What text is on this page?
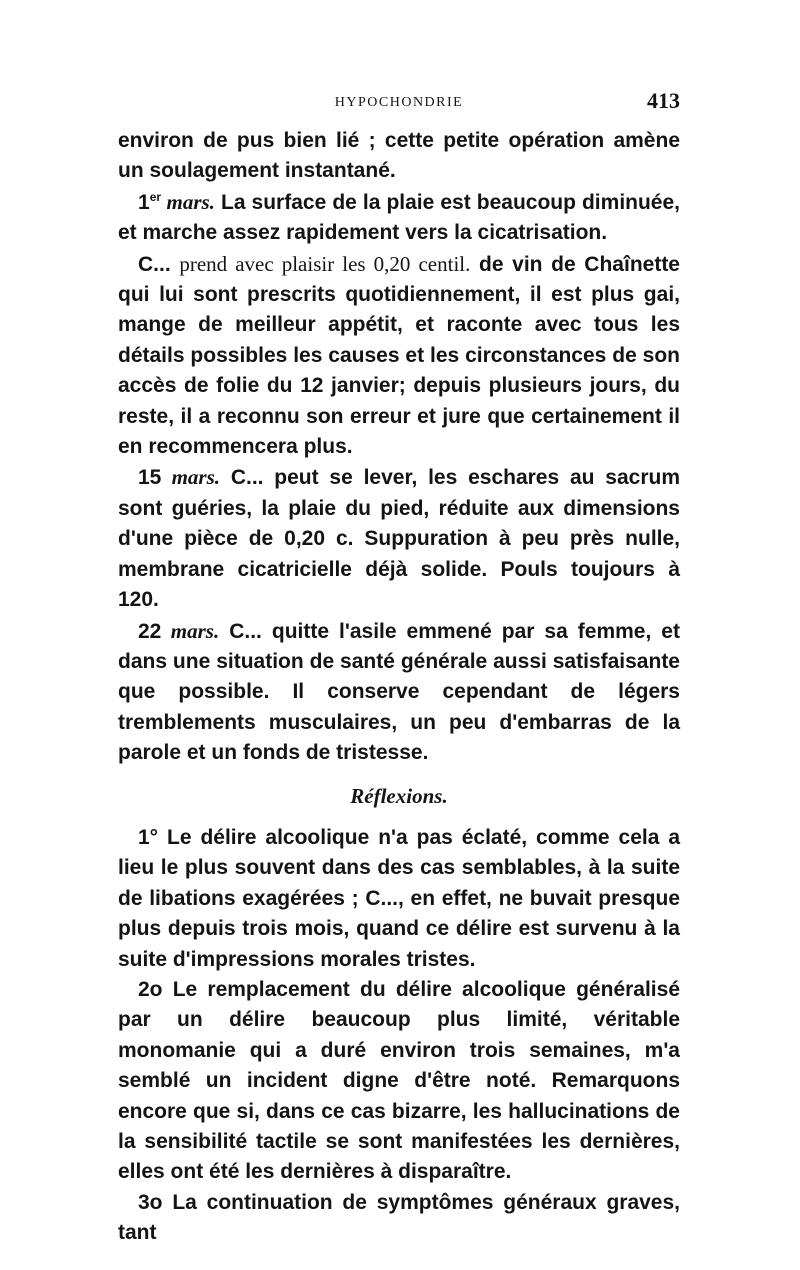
HYPOCHONDRIE	413

environ de pus bien lié ; cette petite opération amène un soulagement instantané.

1er mars. La surface de la plaie est beaucoup diminuée, et marche assez rapidement vers la cicatrisation.

C... prend avec plaisir les 0,20 centil. de vin de Chaînette qui lui sont prescrits quotidiennement, il est plus gai, mange de meilleur appétit, et raconte avec tous les détails possibles les causes et les circonstances de son accès de folie du 12 janvier; depuis plusieurs jours, du reste, il a reconnu son erreur et jure que certainement il en recommencera plus.

15 mars. C... peut se lever, les eschares au sacrum sont guéries, la plaie du pied, réduite aux dimensions d'une pièce de 0,20 c. Suppuration à peu près nulle, membrane cicatricielle déjà solide. Pouls toujours à 120.

22 mars. C... quitte l'asile emmené par sa femme, et dans une situation de santé générale aussi satisfaisante que possible. Il conserve cependant de légers tremblements musculaires, un peu d'embarras de la parole et un fonds de tristesse.

Réflexions.

1° Le délire alcoolique n'a pas éclaté, comme cela a lieu le plus souvent dans des cas semblables, à la suite de libations exagérées ; C..., en effet, ne buvait presque plus depuis trois mois, quand ce délire est survenu à la suite d'impressions morales tristes.

2o Le remplacement du délire alcoolique généralisé par un délire beaucoup plus limité, véritable monomanie qui a duré environ trois semaines, m'a semblé un incident digne d'être noté. Remarquons encore que si, dans ce cas bizarre, les hallucinations de la sensibilité tactile se sont manifestées les dernières, elles ont été les dernières à disparaître.

3o La continuation de symptômes généraux graves, tant
